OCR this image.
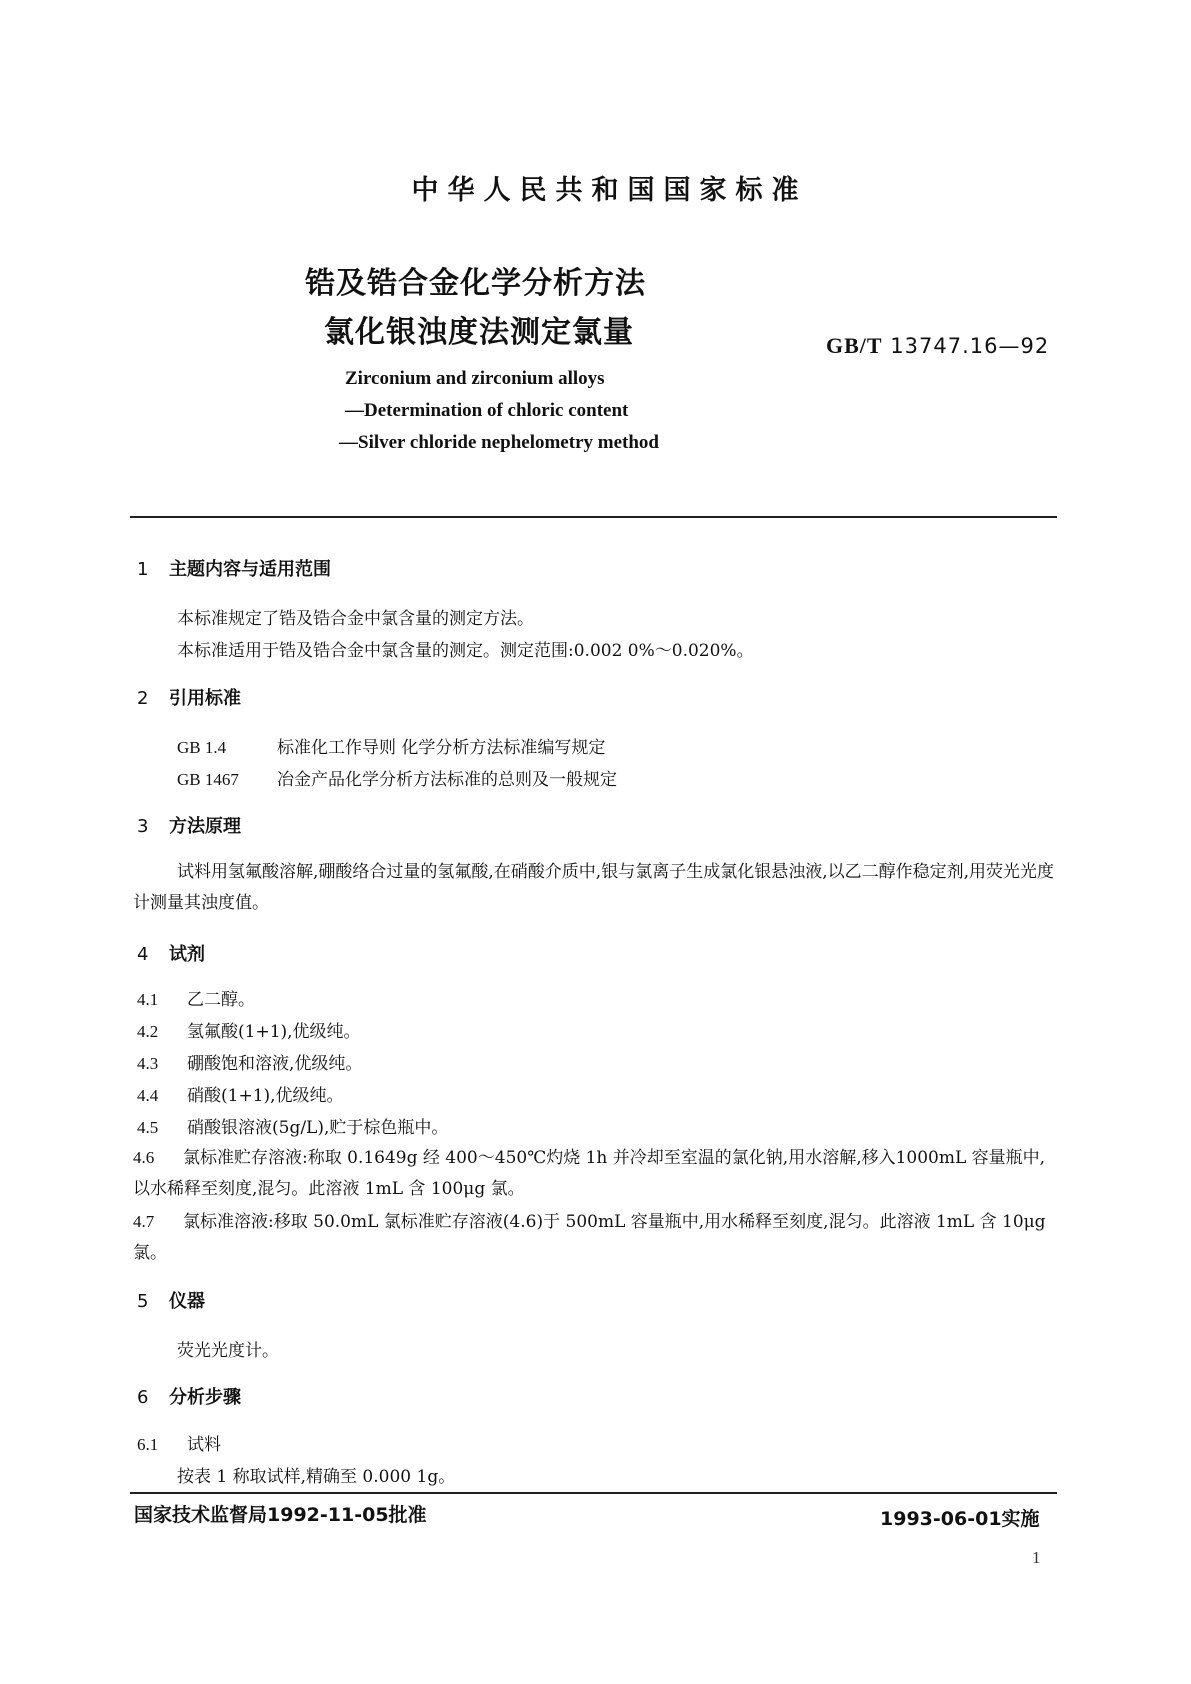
中华人民共和国国家标准
锆及锆合金化学分析方法
氯化银浊度法测定氯量	GB/T 13747.16—92
Zirconium and zirconium alloys
—Determination of chloric content
—Silver chloride nephelometry method
1 主题内容与适用范围
本标准规定了锆及锆合金中氯含量的测定方法。
本标准适用于锆及锆合金中氯含量的测定。测定范围:0.002 0%～0.020%。
2 引用标准
GB 1.4	标准化工作导则 化学分析方法标准编写规定
GB 1467 冶金产品化学分析方法标准的总则及一般规定
3 方法原理
试料用氢氟酸溶解,硼酸络合过量的氢氟酸,在硝酸介质中,银与氯离子生成氯化银悬浊液,以乙二醇作稳定剂,用荧光光度计测量其浊度值。
4 试剂
4.1 乙二醇。
4.2 氢氟酸(1+1),优级纯。
4.3 硼酸饱和溶液,优级纯。
4.4 硝酸(1+1),优级纯。
4.5 硝酸银溶液(5g/L),贮于棕色瓶中。
4.6 氯标准贮存溶液:称取 0.1649g 经 400～450℃灼烧 1h 并冷却至室温的氯化钠,用水溶解,移入1000mL 容量瓶中,以水稀释至刻度,混匀。此溶液 1mL 含 100μg 氯。
4.7 氯标准溶液:移取 50.0mL 氯标准贮存溶液(4.6)于 500mL 容量瓶中,用水稀释至刻度,混匀。此溶液 1mL 含 10μg 氯。
5 仪器
荧光光度计。
6 分析步骤
6.1 试料
按表 1 称取试样,精确至 0.000 1g。
国家技术监督局1992-11-05批准	1993-06-01实施
1
